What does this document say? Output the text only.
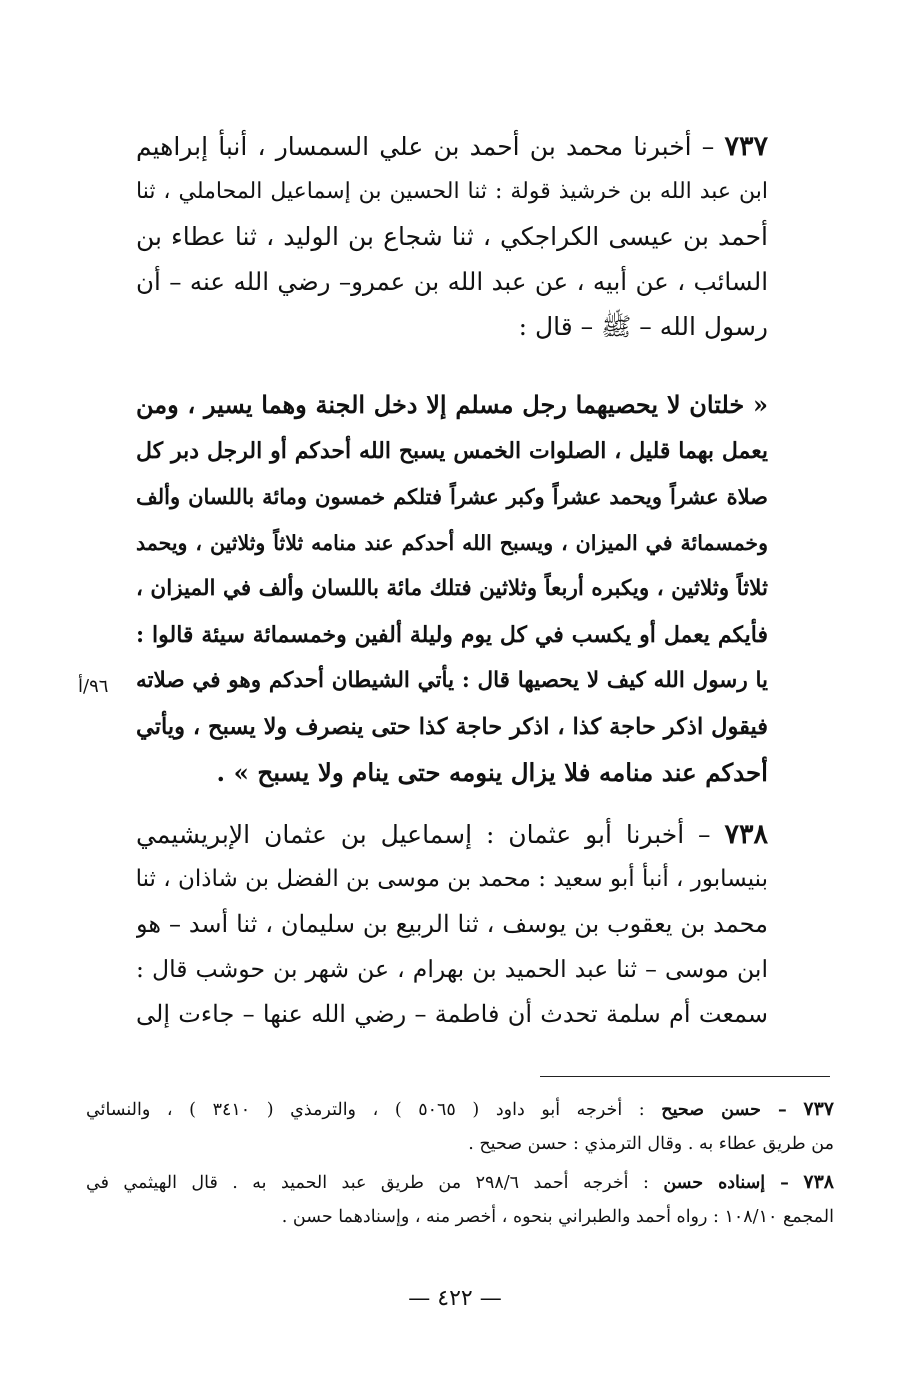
٧٣٧ – أخبرنا محمد بن أحمد بن علي السمسار ، أنبأ إبراهيم
ابن عبد الله بن خرشيذ قولة : ثنا الحسين بن إسماعيل المحاملي ، ثنا
أحمد بن عيسى الكراجكي ، ثنا شجاع بن الوليد ، ثنا عطاء بن
السائب ، عن أبيه ، عن عبد الله بن عمرو– رضي الله عنه – أن
رسول الله – ﷺ – قال :
« خلتان لا يحصيهما رجل مسلم إلا دخل الجنة وهما يسير ، ومن
يعمل بهما قليل ، الصلوات الخمس يسبح الله أحدكم أو الرجل دبر كل
صلاة عشراً ويحمد عشراً وكبر عشراً فتلكم خمسون ومائة باللسان وألف
وخمسمائة في الميزان ، ويسبح الله أحدكم عند منامه ثلاثاً وثلاثين ، ويحمد
ثلاثاً وثلاثين ، ويكبره أربعاً وثلاثين فتلك مائة باللسان وألف في الميزان ،
فأيكم يعمل أو يكسب في كل يوم وليلة ألفين وخمسمائة سيئة قالوا :
يا رسول الله كيف لا يحصيها قال : يأتي الشيطان أحدكم وهو في صلاته
فيقول اذكر حاجة كذا ، اذكر حاجة كذا حتى ينصرف ولا يسبح ، ويأتي
أحدكم عند منامه فلا يزال ينومه حتى ينام ولا يسبح » .
٩٦/أ
٧٣٨ – أخبرنا أبو عثمان : إسماعيل بن عثمان الإبريشيمي
بنيسابور ، أنبأ أبو سعيد : محمد بن موسى بن الفضل بن شاذان ، ثنا
محمد بن يعقوب بن يوسف ، ثنا الربيع بن سليمان ، ثنا أسد – هو
ابن موسى – ثنا عبد الحميد بن بهرام ، عن شهر بن حوشب قال :
سمعت أم سلمة تحدث أن فاطمة – رضي الله عنها – جاءت إلى
٧٣٧ – حسن صحيح : أخرجه أبو داود ( ٥٠٦٥ ) ، والترمذي ( ٣٤١٠ ) ، والنسائي
من طريق عطاء به . وقال الترمذي : حسن صحيح .
٧٣٨ – إسناده حسن : أخرجه أحمد ٢٩٨/٦ من طريق عبد الحميد به . قال الهيثمي في
المجمع ١٠٨/١٠ : رواه أحمد والطبراني بنحوه ، أخصر منه ، وإسنادهما حسن .
— ٤٢٢ —
